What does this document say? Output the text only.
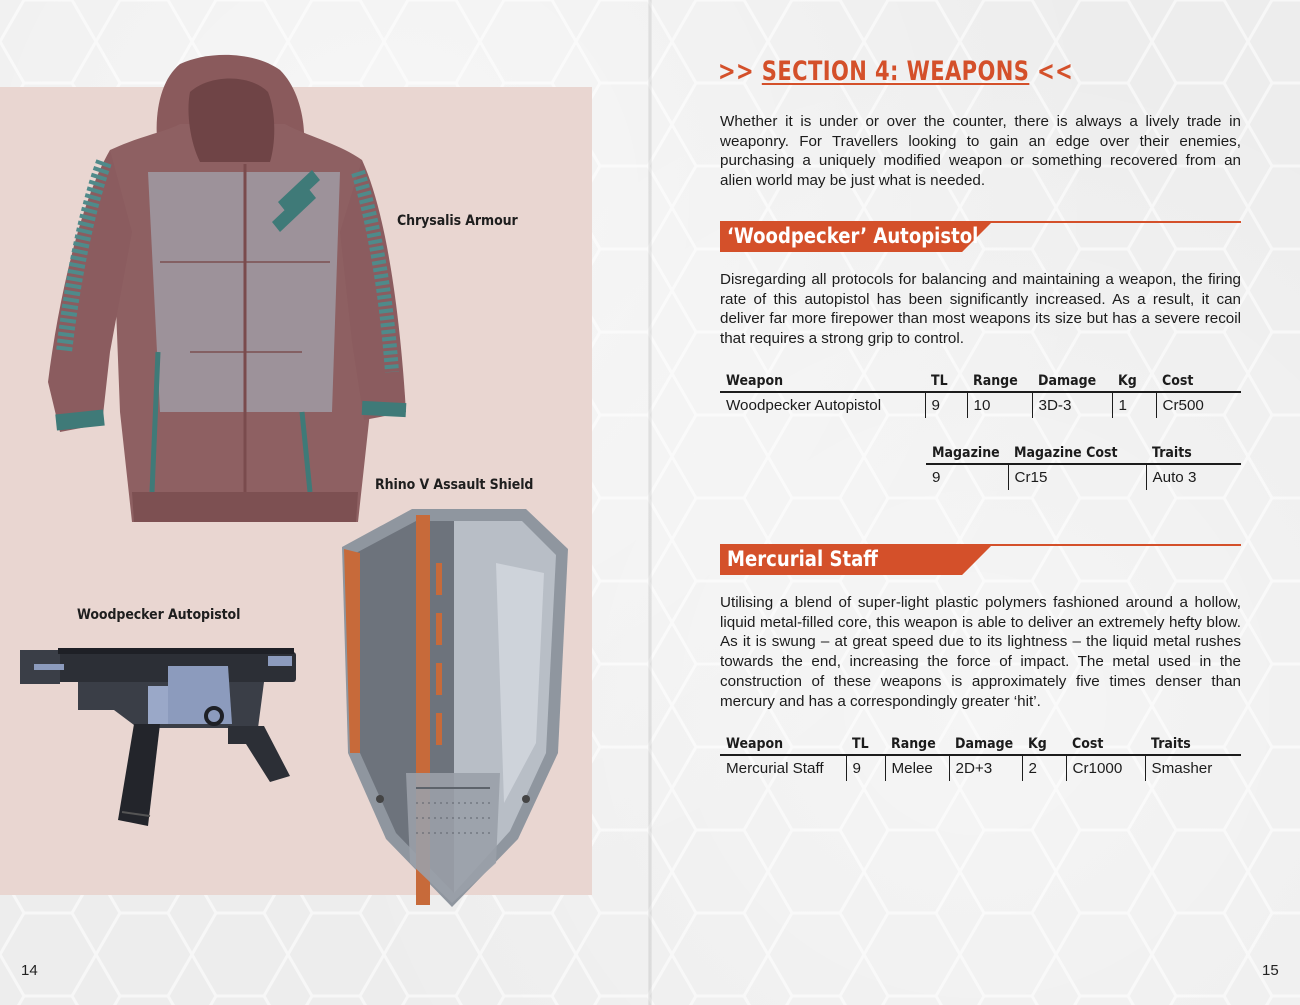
Chrysalis Armour
Rhino V Assault Shield
Woodpecker Autopistol
14
>> SECTION 4: WEAPONS <<
Whether it is under or over the counter, there is always a lively trade in weaponry. For Travellers looking to gain an edge over their enemies, purchasing a uniquely modified weapon or something recovered from an alien world may be just what is needed.
‘Woodpecker’ Autopistol
Disregarding all protocols for balancing and maintaining a weapon, the firing rate of this autopistol has been significantly increased. As a result, it can deliver far more firepower than most weapons its size but has a severe recoil that requires a strong grip to control.
Weapon	TL	Range	Damage	Kg	Cost
Woodpecker Autopistol	9	10	3D-3	1	Cr500
Magazine	Magazine Cost	Traits
9	Cr15	Auto 3
Mercurial Staff
Utilising a blend of super-light plastic polymers fashioned around a hollow, liquid metal-filled core, this weapon is able to deliver an extremely hefty blow. As it is swung – at great speed due to its lightness – the liquid metal rushes towards the end, increasing the force of impact. The metal used in the construction of these weapons is approximately five times denser than mercury and has a correspondingly greater ‘hit’.
Weapon	TL	Range	Damage	Kg	Cost	Traits
Mercurial Staff	9	Melee	2D+3	2	Cr1000	Smasher
15
